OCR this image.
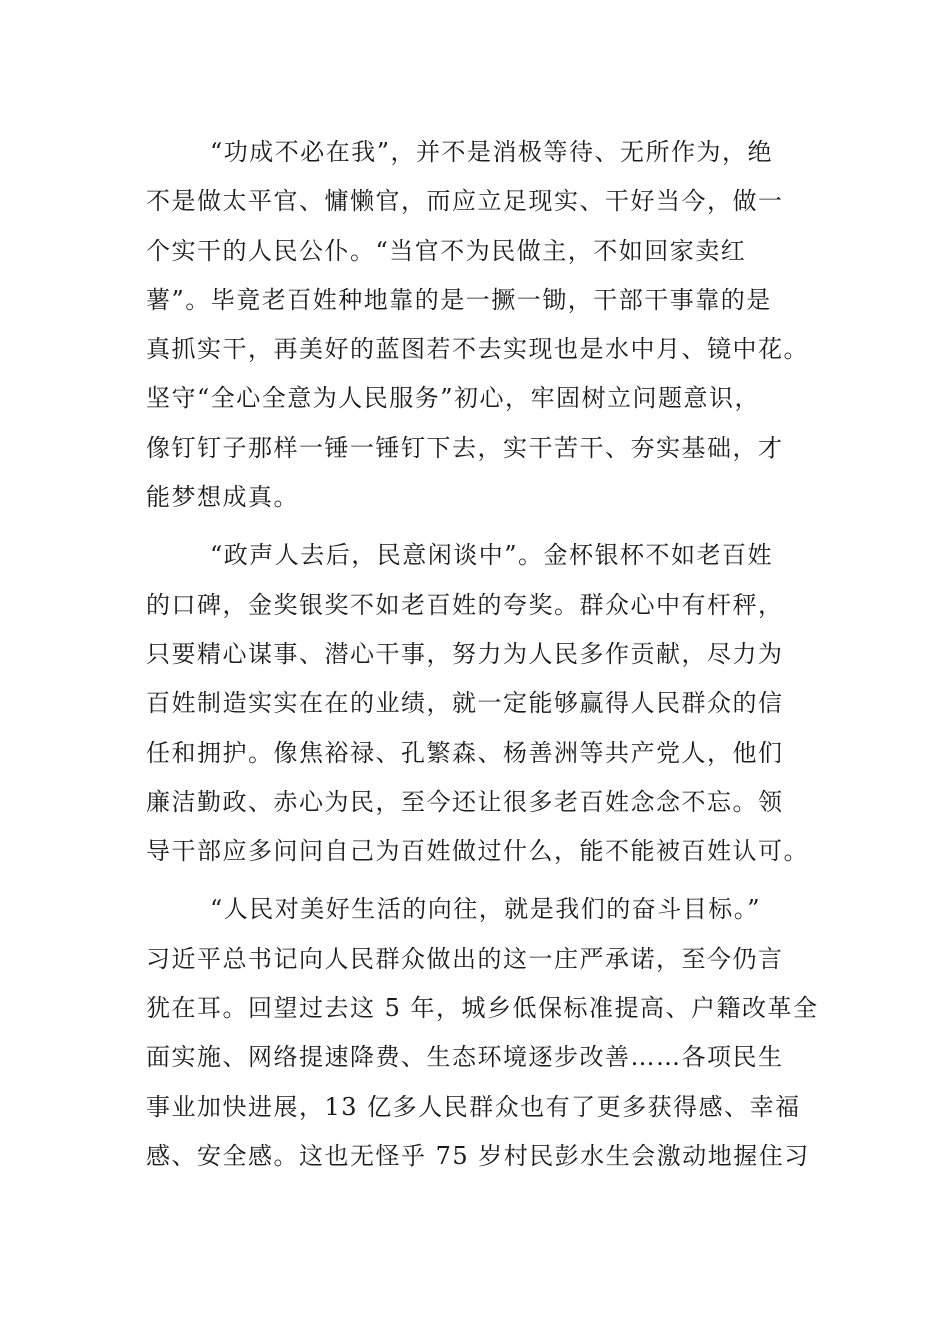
“功成不必在我”，并不是消极等待、无所作为，绝
不是做太平官、慵懒官，而应立足现实、干好当今，做一
个实干的人民公仆。“当官不为民做主，不如回家卖红
薯”。毕竟老百姓种地靠的是一撅一锄，干部干事靠的是
真抓实干，再美好的蓝图若不去实现也是水中月、镜中花。
坚守“全心全意为人民服务”初心，牢固树立问题意识，
像钉钉子那样一锤一锤钉下去，实干苦干、夯实基础，才
能梦想成真。
“政声人去后，民意闲谈中”。金杯银杯不如老百姓
的口碑，金奖银奖不如老百姓的夸奖。群众心中有杆秤，
只要精心谋事、潜心干事，努力为人民多作贡献，尽力为
百姓制造实实在在的业绩，就一定能够赢得人民群众的信
任和拥护。像焦裕禄、孔繁森、杨善洲等共产党人，他们
廉洁勤政、赤心为民，至今还让很多老百姓念念不忘。领
导干部应多问问自己为百姓做过什么，能不能被百姓认可。
“人民对美好生活的向往，就是我们的奋斗目标。”
习近平总书记向人民群众做出的这一庄严承诺，至今仍言
犹在耳。回望过去这 5 年，城乡低保标准提高、户籍改革全
面实施、网络提速降费、生态环境逐步改善……各项民生
事业加快进展，13 亿多人民群众也有了更多获得感、幸福
感、安全感。这也无怪乎 75 岁村民彭水生会激动地握住习
